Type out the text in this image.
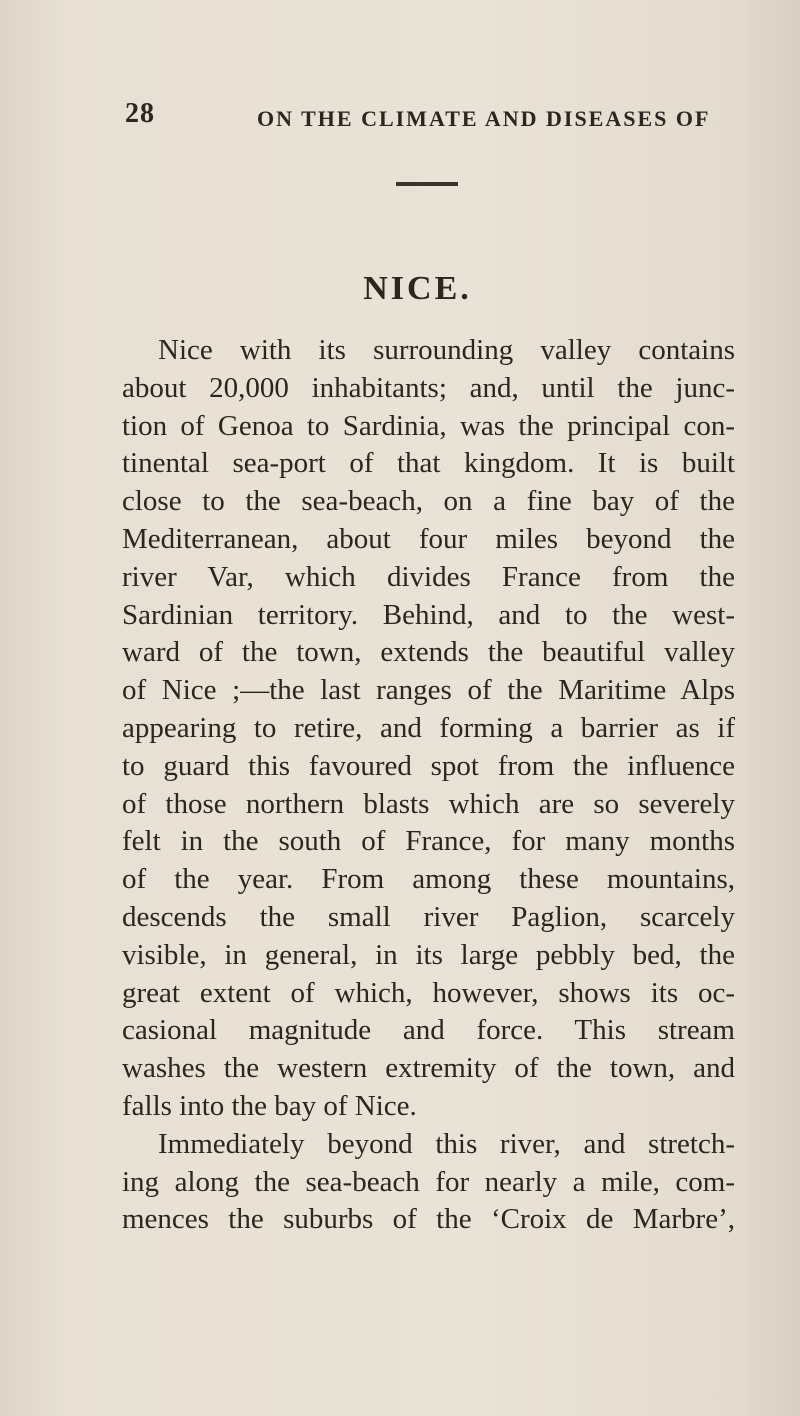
28	ON THE CLIMATE AND DISEASES OF
NICE.
Nice with its surrounding valley contains
about 20,000 inhabitants; and, until the junc-
tion of Genoa to Sardinia, was the principal con-
tinental sea-port of that kingdom. It is built
close to the sea-beach, on a fine bay of the
Mediterranean, about four miles beyond the
river Var, which divides France from the
Sardinian territory. Behind, and to the west-
ward of the town, extends the beautiful valley
of Nice ;—the last ranges of the Maritime Alps
appearing to retire, and forming a barrier as if
to guard this favoured spot from the influence
of those northern blasts which are so severely
felt in the south of France, for many months
of the year. From among these mountains,
descends the small river Paglion, scarcely
visible, in general, in its large pebbly bed, the
great extent of which, however, shows its oc-
casional magnitude and force. This stream
washes the western extremity of the town, and
falls into the bay of Nice.
Immediately beyond this river, and stretch-
ing along the sea-beach for nearly a mile, com-
mences the suburbs of the ‘Croix de Marbre’,
